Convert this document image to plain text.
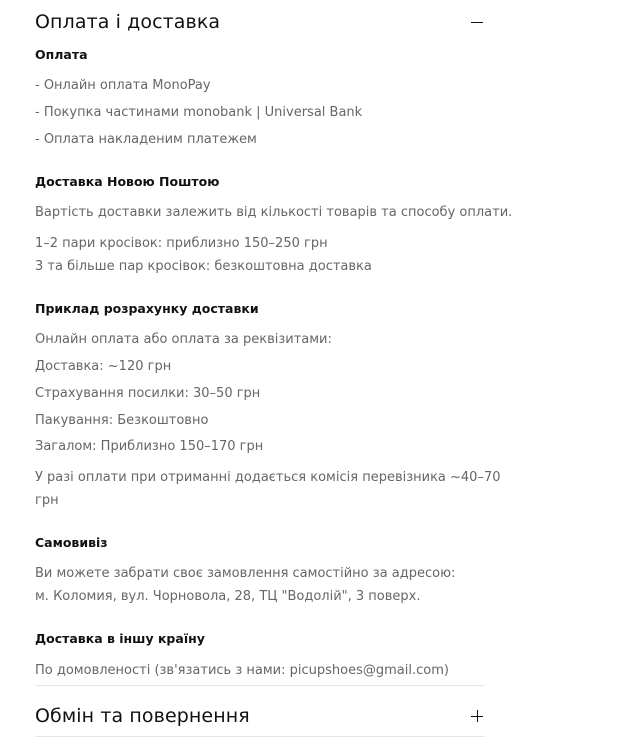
Оплата і доставка

Оплата

- Онлайн оплата MonoPay

- Покупка частинами monobank | Universal Bank

- Оплата накладеним платежем

Доставка Новою Поштою

Вартість доставки залежить від кількості товарів та способу оплати.

1–2 пари кросівок: приблизно 150–250 грн

3 та більше пар кросівок: безкоштовна доставка

Приклад розрахунку доставки

Онлайн оплата або оплата за реквізитами:

Доставка: ~120 грн

Страхування посилки: 30–50 грн

Пакування: Безкоштовно

Загалом: Приблизно 150–170 грн

У разі оплати при отриманні додається комісія перевізника ~40–70

грн

Самовивіз

Ви можете забрати своє замовлення самостійно за адресою:

м. Коломия, вул. Чорновола, 28, ТЦ "Водолій", 3 поверх.

Доставка в іншу країну

По домовленості (зв'язатись з нами: picupshoes@gmail.com)

Обмін та повернення
